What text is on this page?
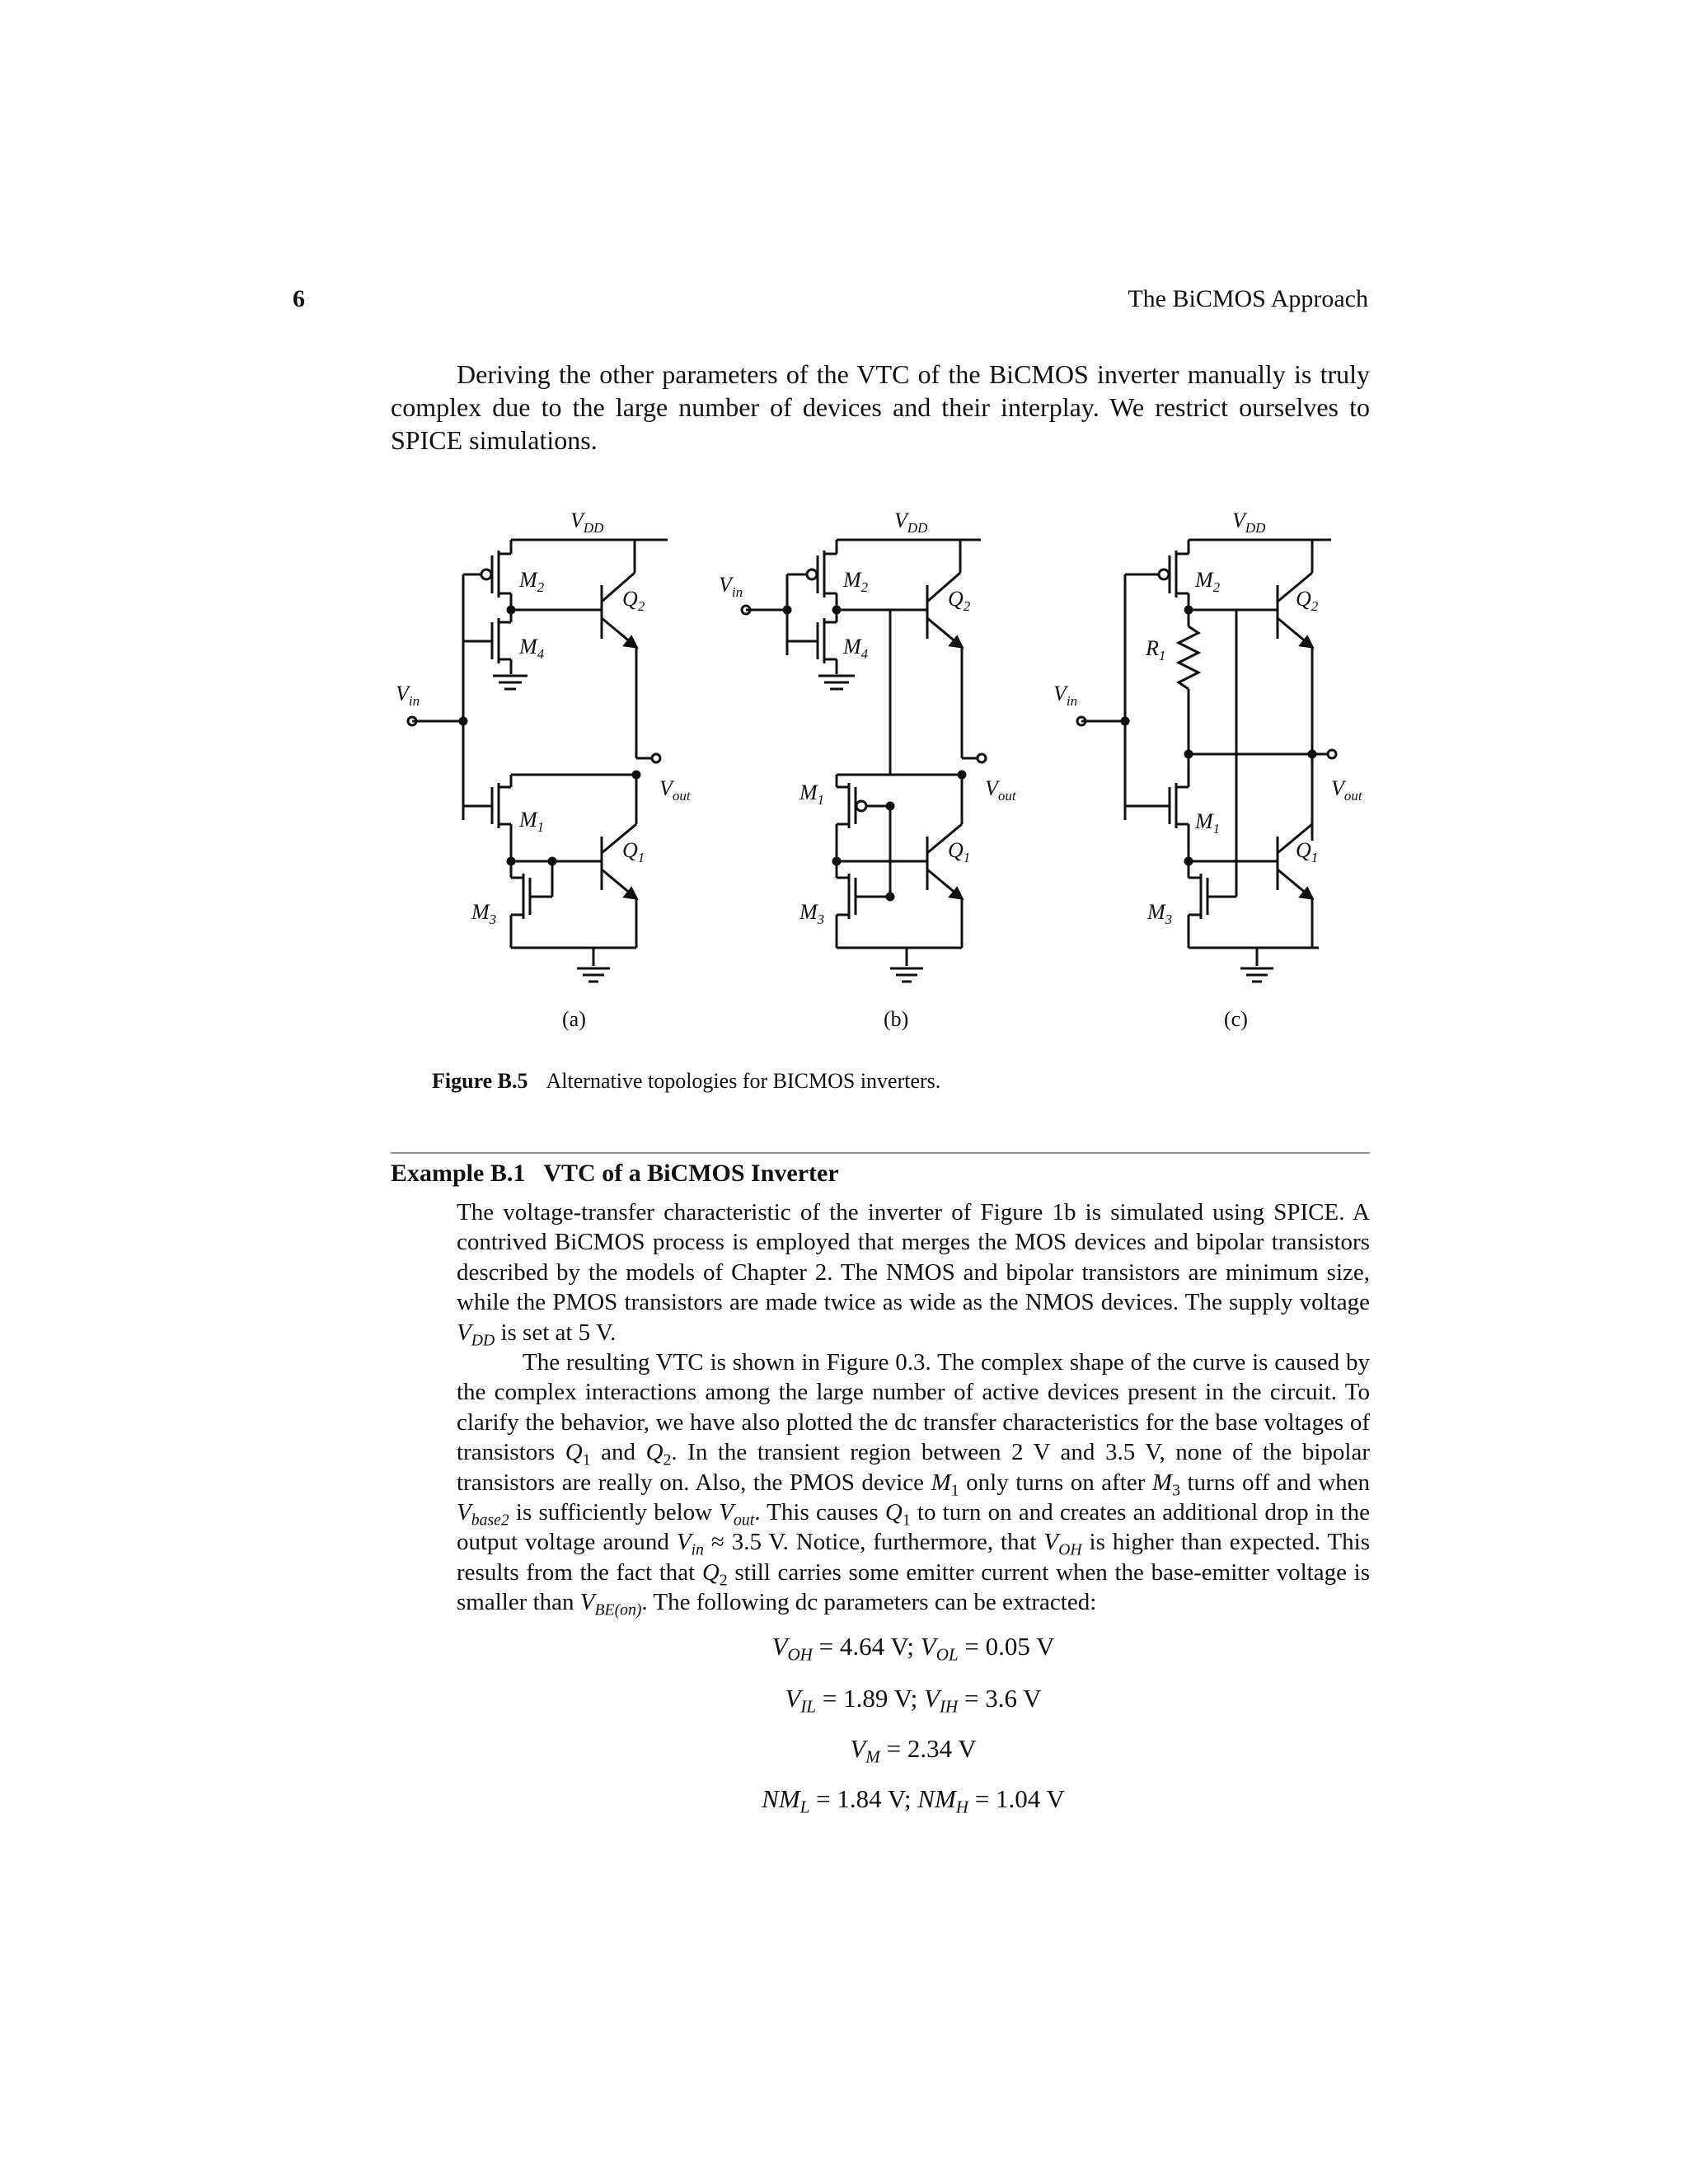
6	The BiCMOS Approach

Deriving the other parameters of the VTC of the BiCMOS inverter manually is truly complex due to the large number of devices and their interplay. We restrict ourselves to SPICE simulations.

$V_{DD}$
$M_2$
$M_4$
$V_{in}$
$Q_2$
$V_{out}$
$M_1$
$Q_1$
$M_3$
(a)
$V_{DD}$
$M_2$
$V_{in}$
$M_4$
$Q_2$
$V_{out}$
$M_1$
$Q_1$
$M_3$
(b)
$V_{DD}$
$M_2$
$V_{in}$
$R_1$
$Q_2$
$V_{out}$
$M_1$
$Q_1$
$M_3$
(c)
Figure B.5 Alternative topologies for BICMOS inverters.
Example B.1 VTC of a BiCMOS Inverter

The voltage-transfer characteristic of the inverter of Figure 1b is simulated using SPICE. A contrived BiCMOS process is employed that merges the MOS devices and bipolar transistors described by the models of Chapter 2. The NMOS and bipolar transistors are minimum size, while the PMOS transistors are made twice as wide as the NMOS devices. The supply voltage $V_{DD}$ is set at 5 V.

The resulting VTC is shown in Figure 0.3. The complex shape of the curve is caused by the complex interactions among the large number of active devices present in the circuit. To clarify the behavior, we have also plotted the dc transfer characteristics for the base voltages of transistors $Q_1$ and $Q_2$. In the transient region between 2 V and 3.5 V, none of the bipolar transistors are really on. Also, the PMOS device $M_1$ only turns on after $M_3$ turns off and when $V_{base2}$ is sufficiently below $V_{out}$. This causes $Q_1$ to turn on and creates an additional drop in the output voltage around $V_{in} \approx 3.5$ V. Notice, furthermore, that $V_{OH}$ is higher than expected. This results from the fact that $Q_2$ still carries some emitter current when the base-emitter voltage is smaller than $V_{BE(on)}$. The following dc parameters can be extracted:

$V_{OH} = 4.64$ V; $V_{OL} = 0.05$ V
$V_{IL} = 1.89$ V; $V_{IH} = 3.6$ V
$V_M = 2.34$ V
$NM_L = 1.84$ V; $NM_H = 1.04$ V
